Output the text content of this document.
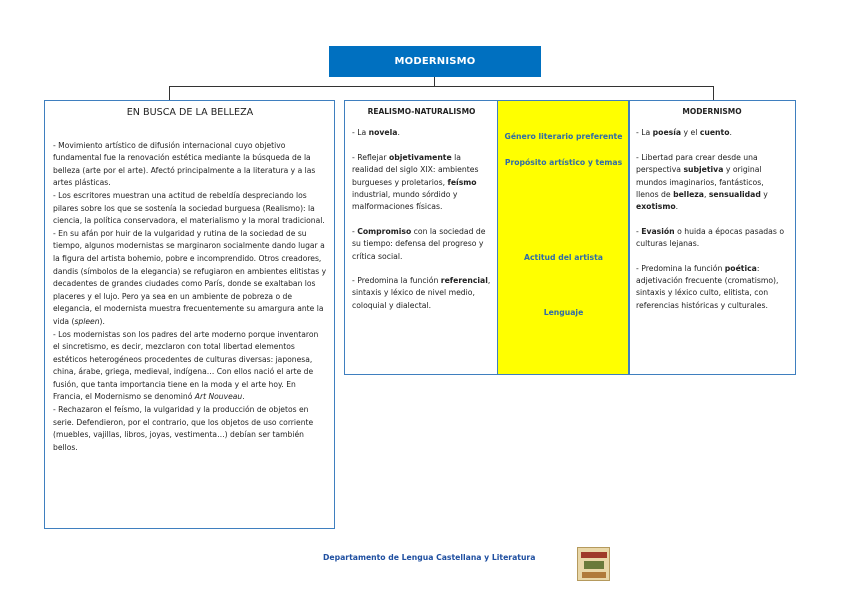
MODERNISMO
EN BUSCA DE LA BELLEZA

- Movimiento artístico de difusión internacional cuyo objetivo fundamental fue la renovación estética mediante la búsqueda de la belleza (arte por el arte). Afectó principalmente a la literatura y a las artes plásticas.

- Los escritores muestran una actitud de rebeldía despreciando los pilares sobre los que se sostenía la sociedad burguesa (Realismo): la ciencia, la política conservadora, el materialismo y la moral tradicional.

- En su afán por huir de la vulgaridad y rutina de la sociedad de su tiempo, algunos modernistas se marginaron socialmente dando lugar a la figura del artista bohemio, pobre e incomprendido. Otros creadores, dandis (símbolos de la elegancia) se refugiaron en ambientes elitistas y decadentes de grandes ciudades como París, donde se exaltaban los placeres y el lujo. Pero ya sea en un ambiente de pobreza o de elegancia, el modernista muestra frecuentemente su amargura ante la vida (spleen).

- Los modernistas son los padres del arte moderno porque inventaron el sincretismo, es decir, mezclaron con total libertad elementos estéticos heterogéneos procedentes de culturas diversas: japonesa, china, árabe, griega, medieval, indígena… Con ellos nació el arte de fusión, que tanta importancia tiene en la moda y el arte hoy. En Francia, el Modernismo se denominó Art Nouveau.

- Rechazaron el feísmo, la vulgaridad y la producción de objetos en serie. Defendieron, por el contrario, que los objetos de uso corriente (muebles, vajillas, libros, joyas, vestimenta…) debían ser también bellos.

REALISMO-NATURALISMO

- La novela.

- Reflejar objetivamente la realidad del siglo XIX: ambientes burgueses y proletarios, feísmo industrial, mundo sórdido y malformaciones físicas.

- Compromiso con la sociedad de su tiempo: defensa del progreso y crítica social.

- Predomina la función referencial, sintaxis y léxico de nivel medio, coloquial y dialectal.

Género literario preferente
Propósito artístico y temas
Actitud del artista
Lenguaje
MODERNISMO

- La poesía y el cuento.

- Libertad para crear desde una perspectiva subjetiva y original mundos imaginarios, fantásticos, llenos de belleza, sensualidad y exotismo.

- Evasión o huida a épocas pasadas o culturas lejanas.

- Predomina la función poética: adjetivación frecuente (cromatismo), sintaxis y léxico culto, elitista, con referencias históricas y culturales.

Departamento de Lengua Castellana y Literatura
